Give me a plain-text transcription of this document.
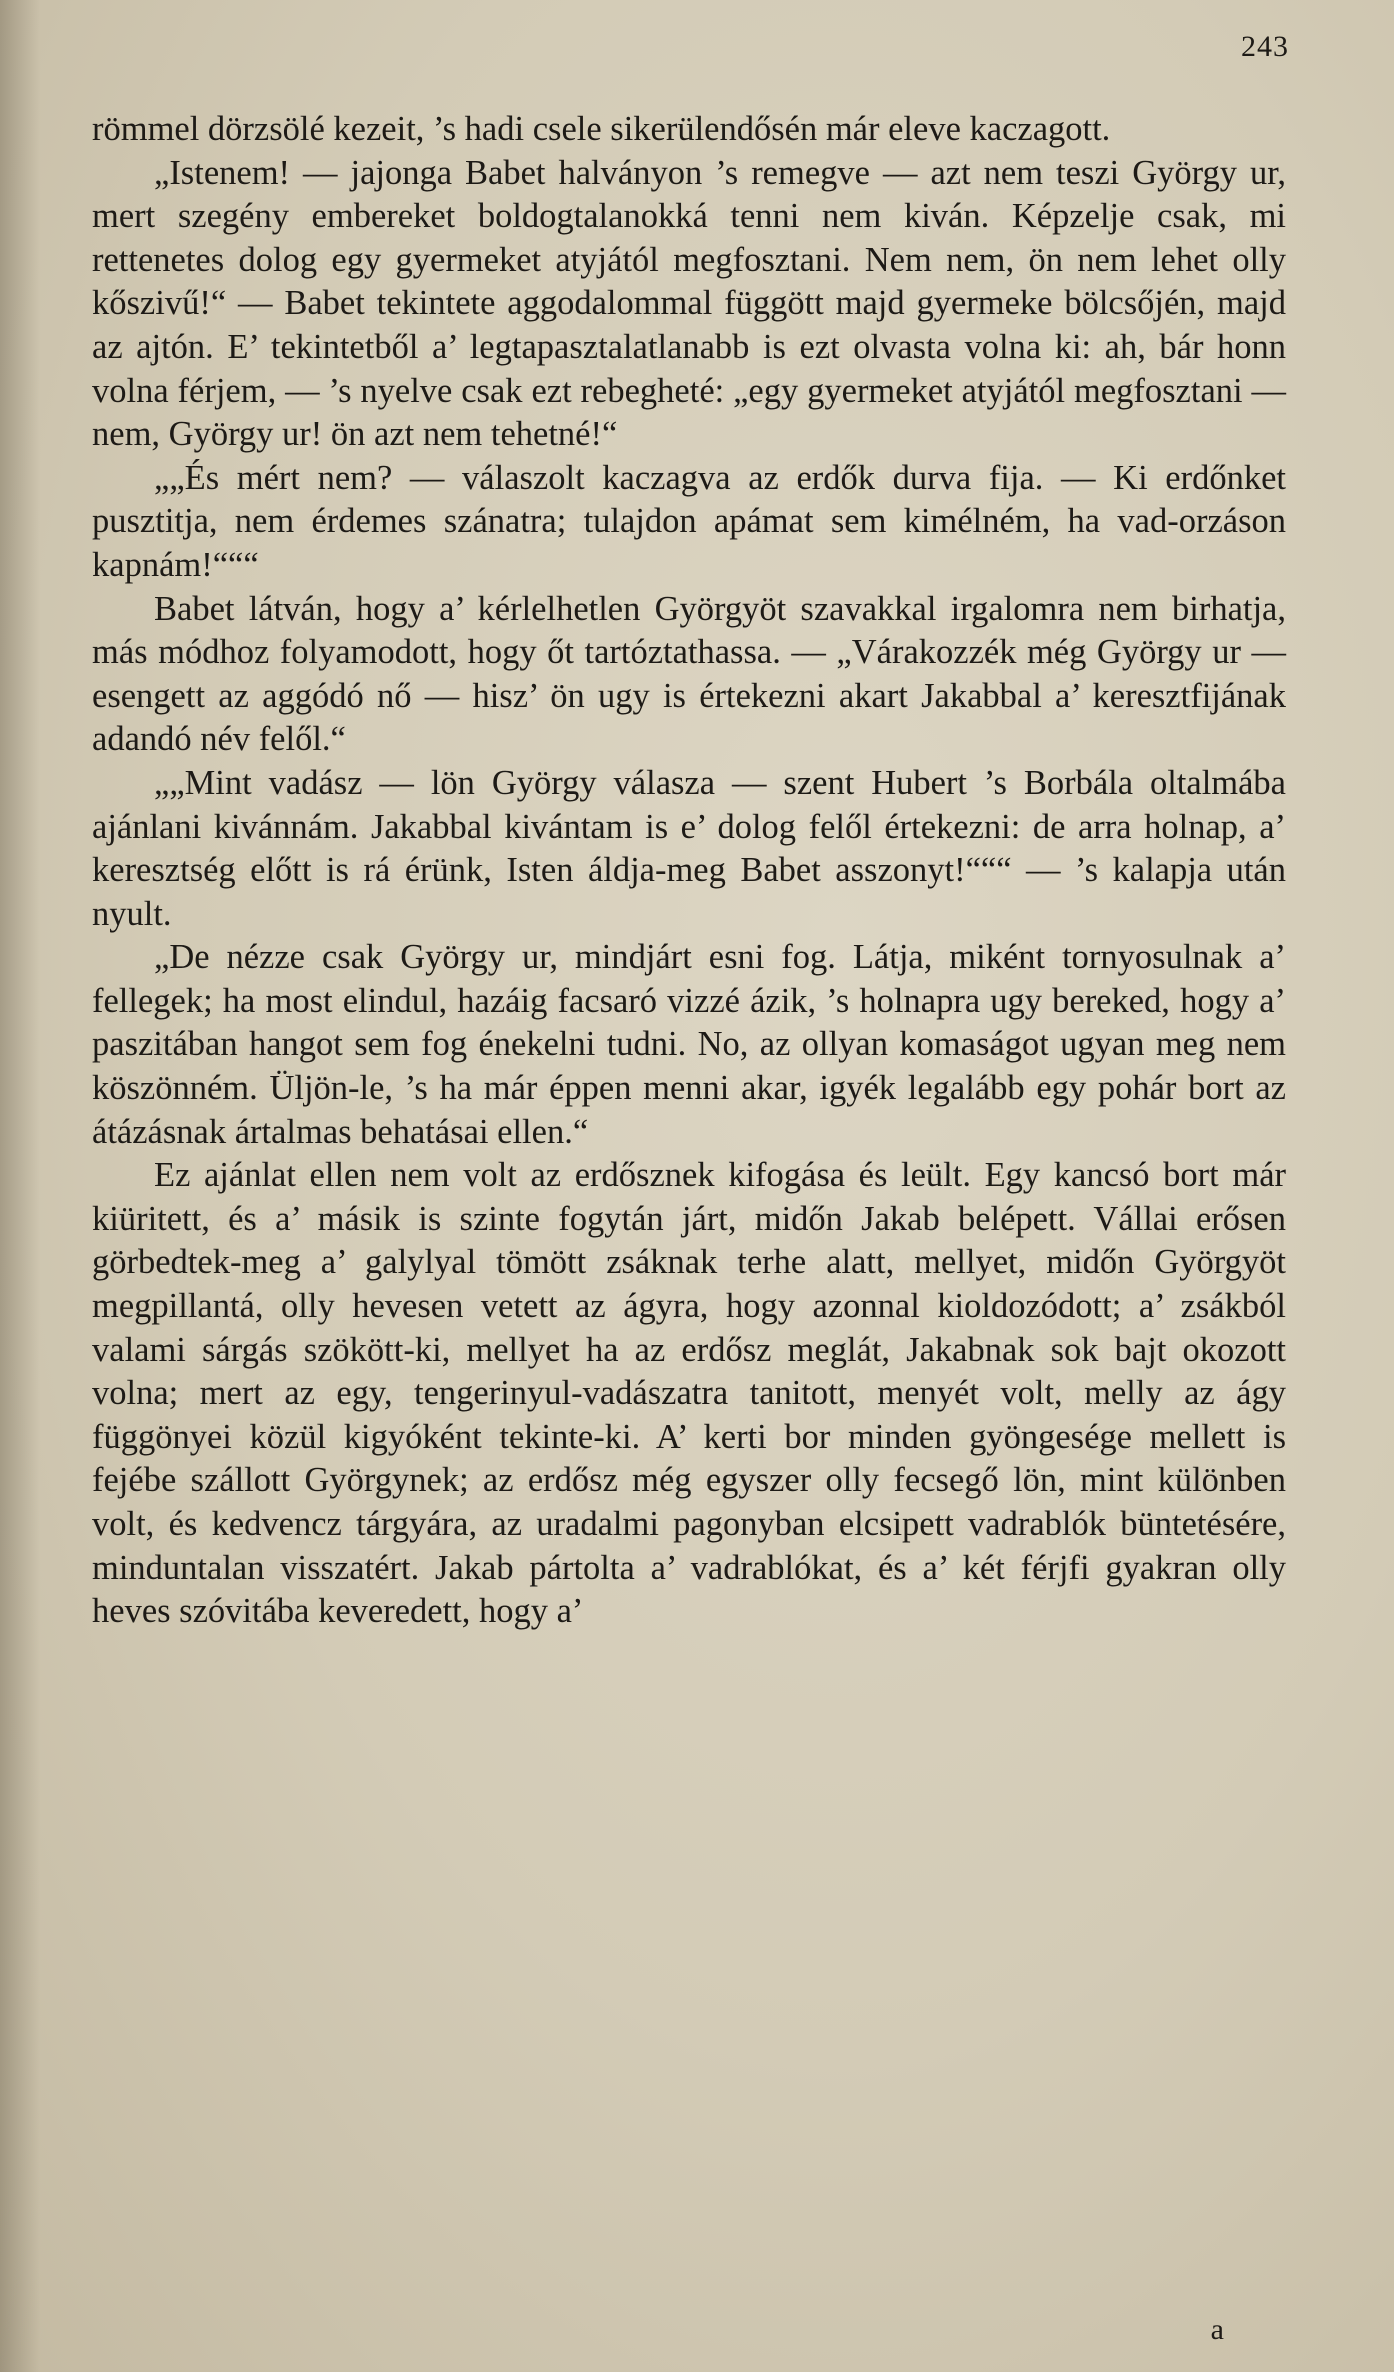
243

römmel dörzsölé kezeit, ’s hadi csele sikerülendősén már eleve kaczagott.

„Istenem! — jajonga Babet halványon ’s remegve — azt nem teszi György ur, mert szegény embereket boldogtalanokká tenni nem kiván. Képzelje csak, mi rettenetes dolog egy gyermeket atyjától megfosztani. Nem nem, ön nem lehet olly kőszivű!“ — Babet tekintete aggodalommal függött majd gyermeke bölcsőjén, majd az ajtón. E’ tekintetből a’ legtapasztalatlanabb is ezt olvasta volna ki: ah, bár honn volna férjem, — ’s nyelve csak ezt rebegheté: „egy gyermeket atyjától megfosztani — nem, György ur! ön azt nem tehetné!“

„„És mért nem? — válaszolt kaczagva az erdők durva fija. — Ki erdőnket pusztitja, nem érdemes szánatra; tulajdon apámat sem kimélném, ha vad-orzáson kapnám!“““

Babet látván, hogy a’ kérlelhetlen Györgyöt szavakkal irgalomra nem birhatja, más módhoz folyamodott, hogy őt tartóztathassa. — „Várakozzék még György ur — esengett az aggódó nő — hisz’ ön ugy is értekezni akart Jakabbal a’ keresztfijának adandó név felől.“

„„Mint vadász — lön György válasza — szent Hubert ’s Borbála oltalmába ajánlani kivánnám. Jakabbal kivántam is e’ dolog felől értekezni: de arra holnap, a’ keresztség előtt is rá érünk, Isten áldja-meg Babet asszonyt!“““ — ’s kalapja után nyult.

„De nézze csak György ur, mindjárt esni fog. Látja, miként tornyosulnak a’ fellegek; ha most elindul, hazáig facsaró vizzé ázik, ’s holnapra ugy bereked, hogy a’ paszitában hangot sem fog énekelni tudni. No, az ollyan komaságot ugyan meg nem köszönném. Üljön-le, ’s ha már éppen menni akar, igyék legalább egy pohár bort az átázásnak ártalmas behatásai ellen.“

Ez ajánlat ellen nem volt az erdősznek kifogása és leült. Egy kancsó bort már kiüritett, és a’ másik is szinte fogytán járt, midőn Jakab belépett. Vállai erősen görbedtek-meg a’ galylyal tömött zsáknak terhe alatt, mellyet, midőn Györgyöt megpillantá, olly hevesen vetett az ágyra, hogy azonnal kioldozódott; a’ zsákból valami sárgás szökött-ki, mellyet ha az erdősz meglát, Jakabnak sok bajt okozott volna; mert az egy, tengerinyul-vadászatra tanitott, menyét volt, melly az ágy függönyei közül kigyóként tekinte-ki. A’ kerti bor minden gyöngesége mellett is fejébe szállott Györgynek; az erdősz még egyszer olly fecsegő lön, mint különben volt, és kedvencz tárgyára, az uradalmi pagonyban elcsipett vadrablók büntetésére, minduntalan visszatért. Jakab pártolta a’ vadrablókat, és a’ két férjfi gyakran olly heves szóvitába keveredett, hogy a’

a
